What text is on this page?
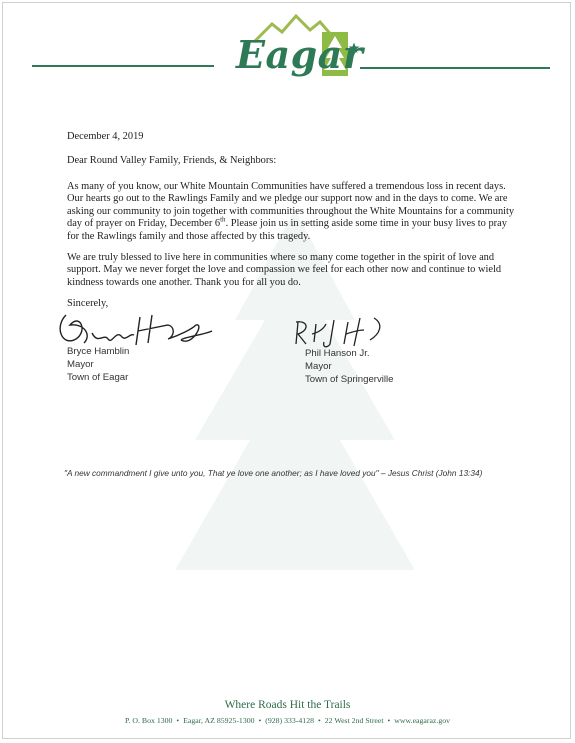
Eagar
December 4, 2019
Dear Round Valley Family, Friends, & Neighbors:
As many of you know, our White Mountain Communities have suffered a tremendous loss in recent days. Our hearts go out to the Rawlings Family and we pledge our support now and in the days to come. We are asking our community to join together with communities throughout the White Mountains for a community day of prayer on Friday, December 6th. Please join us in setting aside some time in your busy lives to pray for the Rawlings family and those affected by this tragedy.
We are truly blessed to live here in communities where so many come together in the spirit of love and support. May we never forget the love and compassion we feel for each other now and continue to wield kindness towards one another. Thank you for all you do.
Sincerely,
Bryce Hamblin
Mayor
Town of Eagar
Phil Hanson Jr.
Mayor
Town of Springerville
"A new commandment I give unto you, That ye love one another; as I have loved you" – Jesus Christ (John 13:34)
Where Roads Hit the Trails
P. O. Box 1300 • Eagar, AZ 85925-1300 • (928) 333-4128 • 22 West 2nd Street • www.eagaraz.gov
